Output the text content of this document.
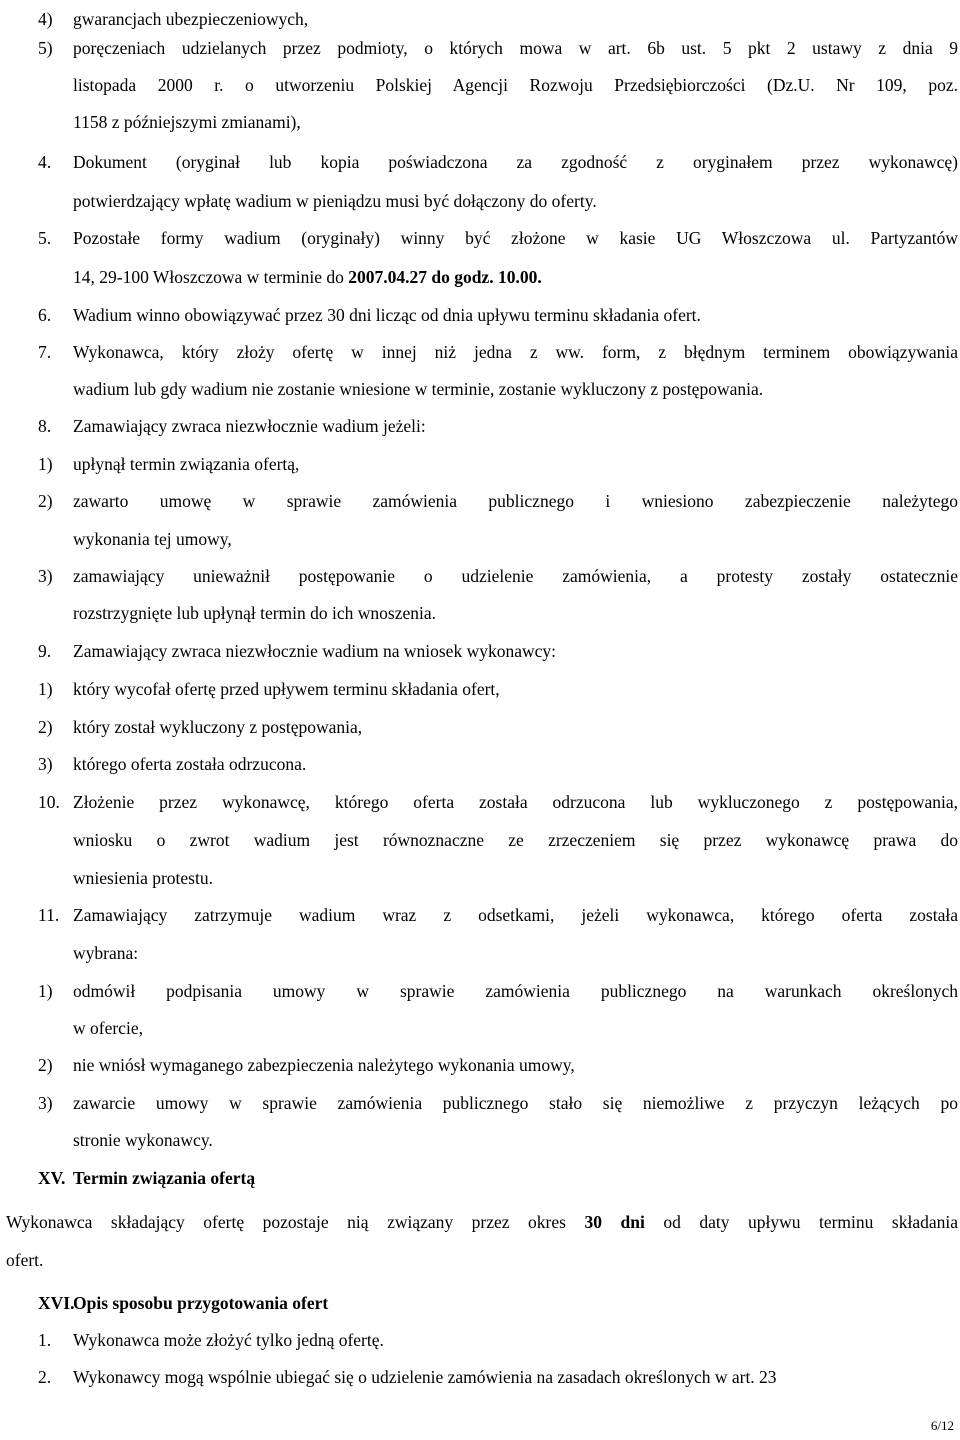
4)	gwarancjach ubezpieczeniowych,
5)	poręczeniach udzielanych przez podmioty, o których mowa w art. 6b ust. 5 pkt 2 ustawy z dnia 9
listopada 2000 r. o utworzeniu Polskiej Agencji Rozwoju Przedsiębiorczości (Dz.U. Nr 109, poz.
1158 z późniejszymi zmianami),
4.	Dokument (oryginał lub kopia poświadczona za zgodność z oryginałem przez wykonawcę)
potwierdzający wpłatę wadium w pieniądzu musi być dołączony do oferty.
5.	Pozostałe formy wadium (oryginały) winny być złożone w kasie UG Włoszczowa ul. Partyzantów
14, 29-100 Włoszczowa w terminie do 2007.04.27 do godz. 10.00.
6.	Wadium winno obowiązywać przez 30 dni licząc od dnia upływu terminu składania ofert.
7.	Wykonawca, który złoży ofertę w innej niż jedna z ww. form, z błędnym terminem obowiązywania
wadium lub gdy wadium nie zostanie wniesione w terminie, zostanie wykluczony z postępowania.
8.	Zamawiający zwraca niezwłocznie wadium jeżeli:
1)	upłynął termin związania ofertą,
2)	zawarto umowę w sprawie zamówienia publicznego i wniesiono zabezpieczenie należytego
wykonania tej umowy,
3)	zamawiający unieważnił postępowanie o udzielenie zamówienia, a protesty zostały ostatecznie
rozstrzygnięte lub upłynął termin do ich wnoszenia.
9.	Zamawiający zwraca niezwłocznie wadium na wniosek wykonawcy:
1)	który wycofał ofertę przed upływem terminu składania ofert,
2)	który został wykluczony z postępowania,
3)	którego oferta została odrzucona.
10. Złożenie przez wykonawcę, którego oferta została odrzucona lub wykluczonego z postępowania,
wniosku o zwrot wadium jest równoznaczne ze zrzeczeniem się przez wykonawcę prawa do
wniesienia protestu.
11. Zamawiający zatrzymuje wadium wraz z odsetkami, jeżeli wykonawca, którego oferta została
wybrana:
1)	odmówił podpisania umowy w sprawie zamówienia publicznego na warunkach określonych
w ofercie,
2)	nie wniósł wymaganego zabezpieczenia należytego wykonania umowy,
3)	zawarcie umowy w sprawie zamówienia publicznego stało się niemożliwe z przyczyn leżących po
stronie wykonawcy.
XV. Termin związania ofertą
Wykonawca składający ofertę pozostaje nią związany przez okres 30 dni od daty upływu terminu składania
ofert.
XVI.
Opis sposobu przygotowania ofert
1.	Wykonawca może złożyć tylko jedną ofertę.
2.	Wykonawcy mogą wspólnie ubiegać się o udzielenie zamówienia na zasadach określonych w art. 23
6/12
